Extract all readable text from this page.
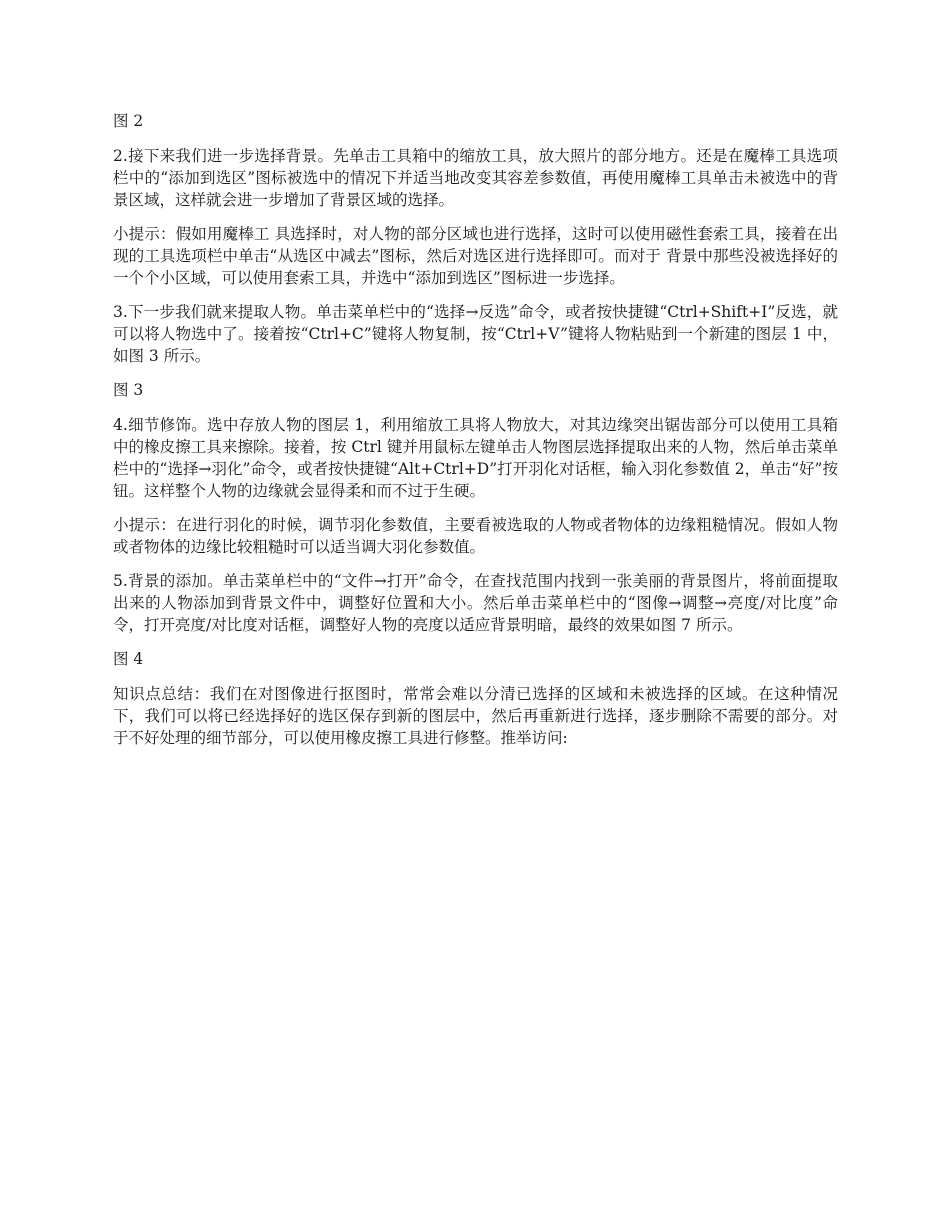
图 2

2.接下来我们进一步选择背景。先单击工具箱中的缩放工具，放大照片的部分地方。还是在魔棒工具选项栏中的“添加到选区”图标被选中的情况下并适当地改变其容差参数值，再使用魔棒工具单击未被选中的背景区域，这样就会进一步增加了背景区域的选择。

小提示：假如用魔棒工 具选择时，对人物的部分区域也进行选择，这时可以使用磁性套索工具，接着在出现的工具选项栏中单击“从选区中减去”图标，然后对选区进行选择即可。而对于 背景中那些没被选择好的一个个小区域，可以使用套索工具，并选中“添加到选区”图标进一步选择。

3.下一步我们就来提取人物。单击菜单栏中的“选择→反选”命令，或者按快捷键“Ctrl+Shift+I”反选，就可以将人物选中了。接着按“Ctrl+C”键将人物复制，按“Ctrl+V”键将人物粘贴到一个新建的图层 1 中，如图 3 所示。

图 3

4.细节修饰。选中存放人物的图层 1，利用缩放工具将人物放大，对其边缘突出锯齿部分可以使用工具箱中的橡皮擦工具来擦除。接着，按 Ctrl 键并用鼠标左键单击人物图层选择提取出来的人物，然后单击菜单栏中的“选择→羽化”命令，或者按快捷键“Alt+Ctrl+D”打开羽化对话框，输入羽化参数值 2，单击“好”按钮。这样整个人物的边缘就会显得柔和而不过于生硬。

小提示：在进行羽化的时候，调节羽化参数值，主要看被选取的人物或者物体的边缘粗糙情况。假如人物或者物体的边缘比较粗糙时可以适当调大羽化参数值。

5.背景的添加。单击菜单栏中的“文件→打开”命令，在查找范围内找到一张美丽的背景图片，将前面提取出来的人物添加到背景文件中，调整好位置和大小。然后单击菜单栏中的“图像→调整→亮度/对比度”命令，打开亮度/对比度对话框，调整好人物的亮度以适应背景明暗，最终的效果如图 7 所示。

图 4

知识点总结：我们在对图像进行抠图时，常常会难以分清已选择的区域和未被选择的区域。在这种情况下，我们可以将已经选择好的选区保存到新的图层中，然后再重新进行选择，逐步删除不需要的部分。对于不好处理的细节部分，可以使用橡皮擦工具进行修整。推举访问:
